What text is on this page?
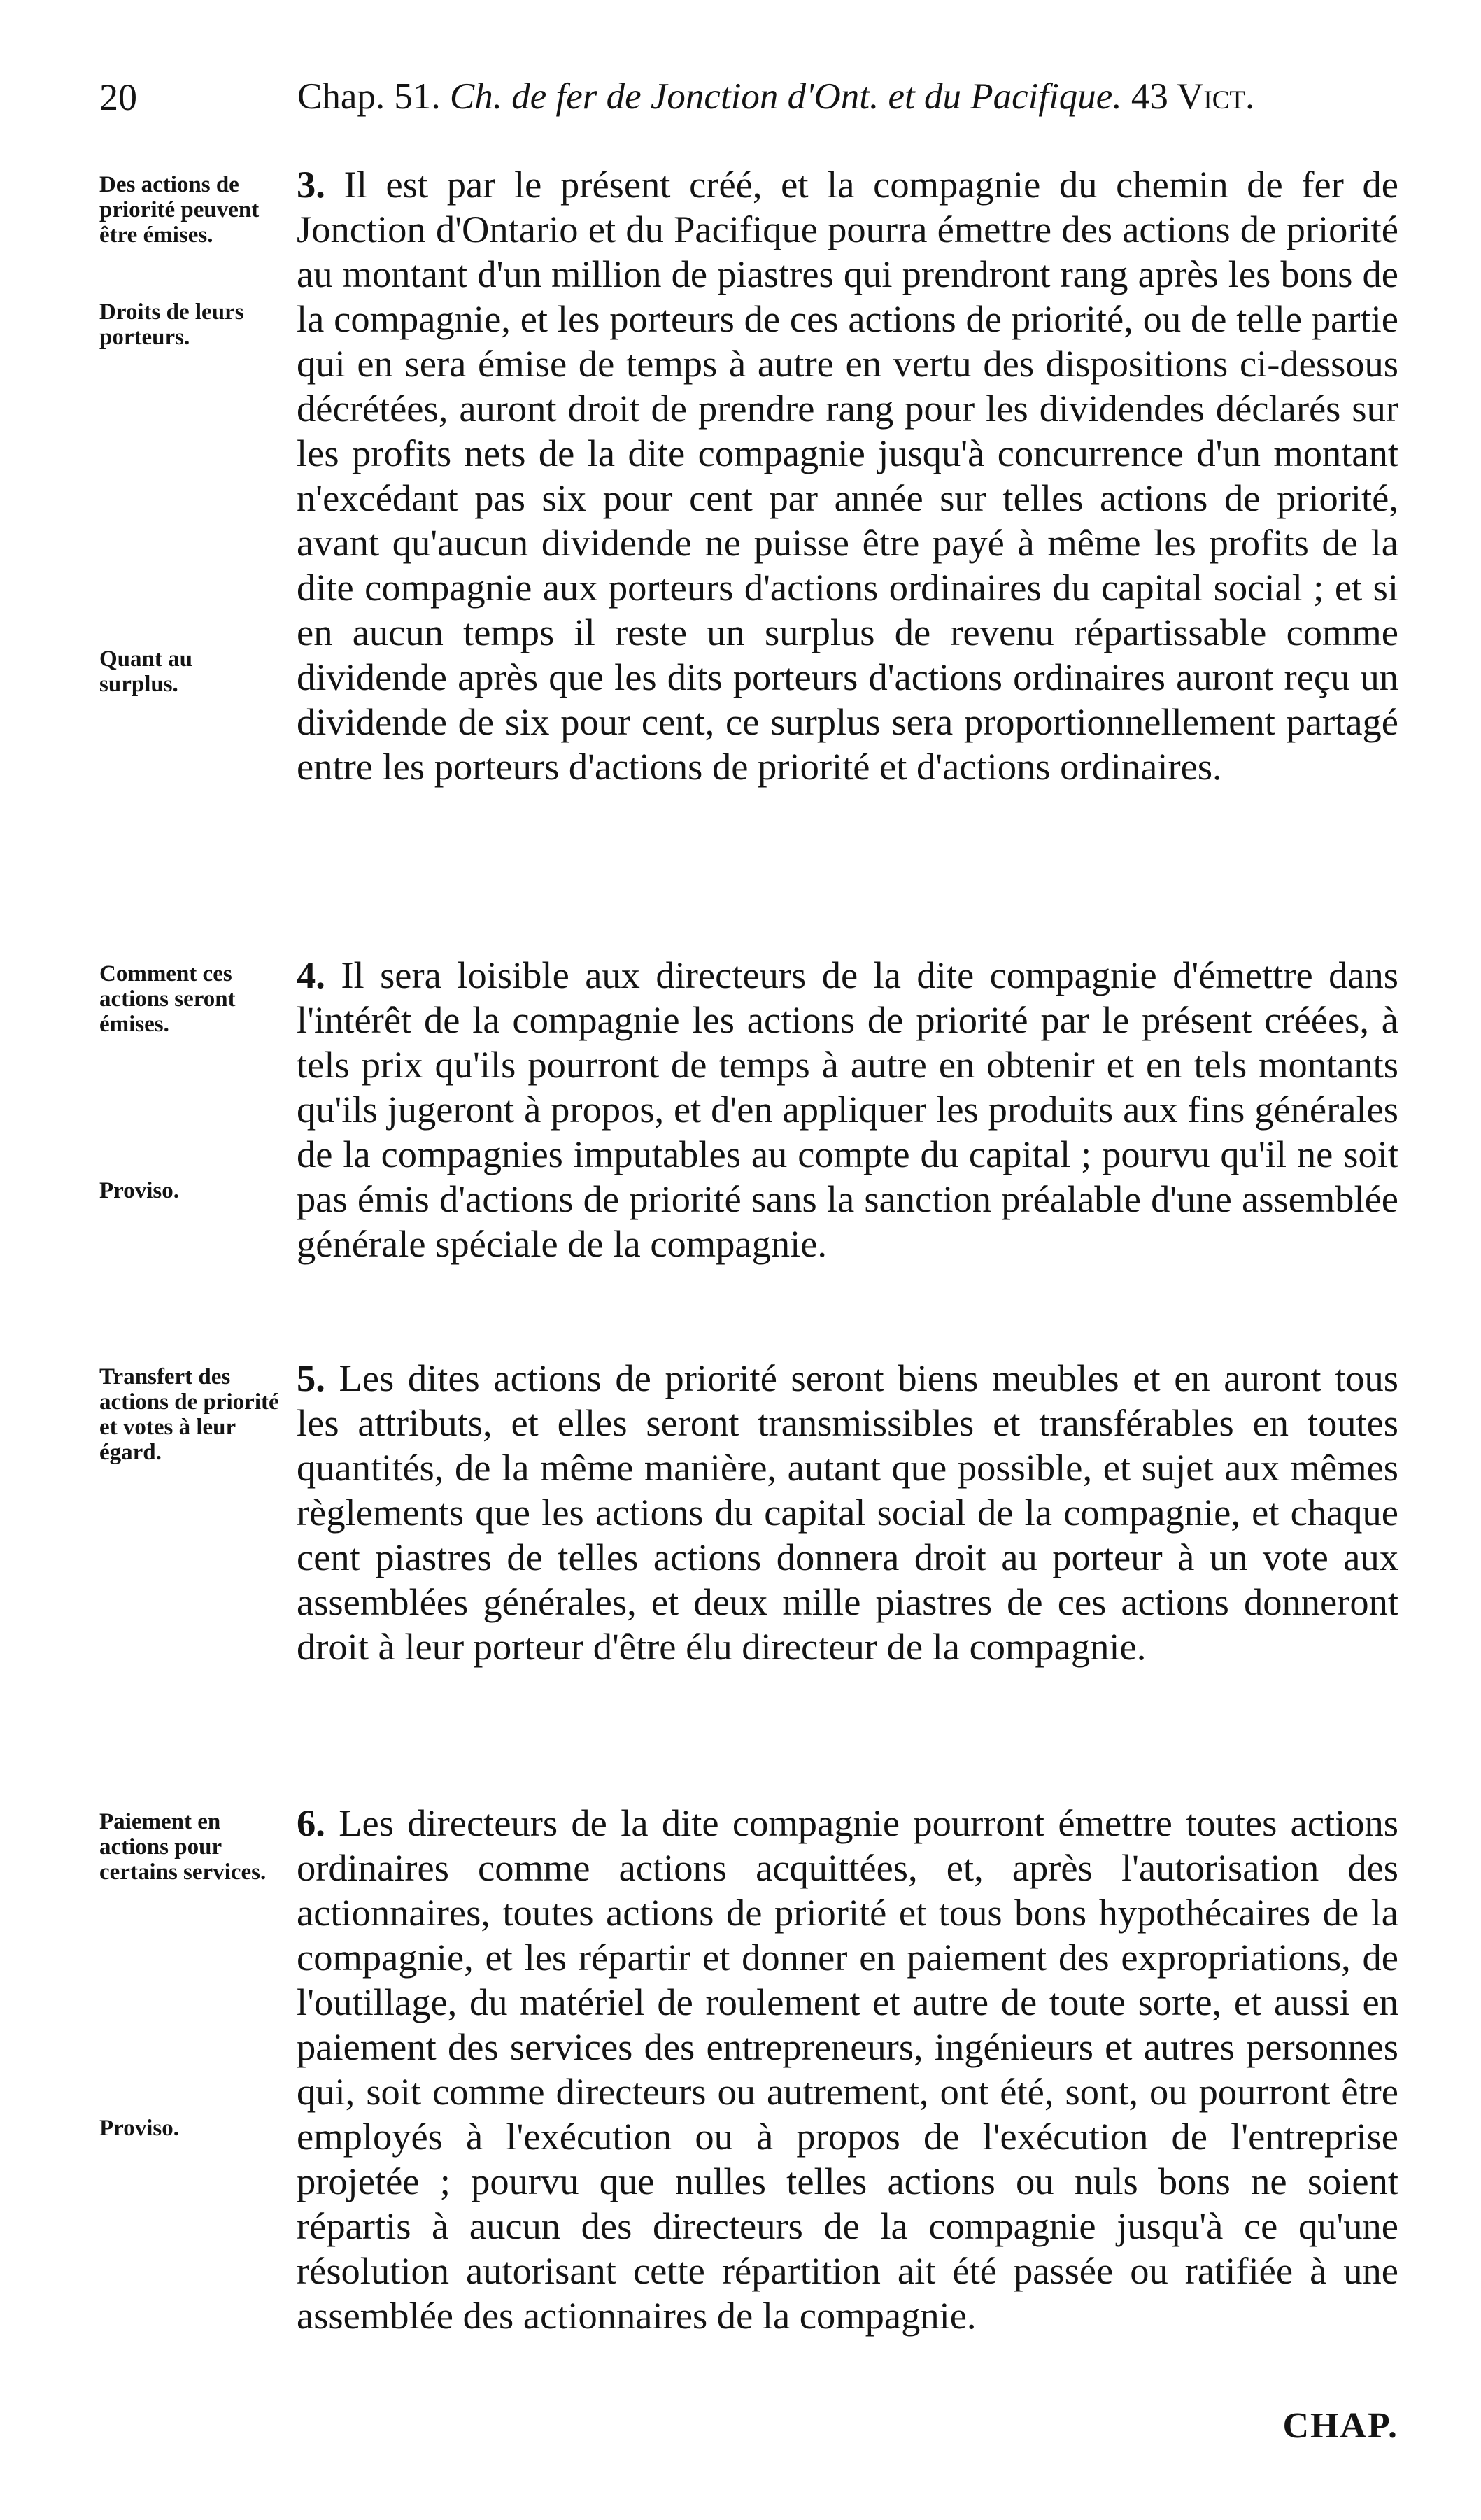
20	Chap. 51. Ch. de fer de Jonction d'Ont. et du Pacifique. 43 Vict.
Des actions de priorité peuvent être émises.
Droits de leurs porteurs.
Quant au surplus.
3. Il est par le présent créé, et la compagnie du chemin de fer de Jonction d'Ontario et du Pacifique pourra émettre des actions de priorité au montant d'un million de piastres qui prendront rang après les bons de la compagnie, et les porteurs de ces actions de priorité, ou de telle partie qui en sera émise de temps à autre en vertu des dispositions ci-dessous décrétées, auront droit de prendre rang pour les dividendes déclarés sur les profits nets de la dite compagnie jusqu'à concurrence d'un montant n'excédant pas six pour cent par année sur telles actions de priorité, avant qu'aucun dividende ne puisse être payé à même les profits de la dite compagnie aux porteurs d'actions ordinaires du capital social ; et si en aucun temps il reste un surplus de revenu répartissable comme dividende après que les dits porteurs d'actions ordinaires auront reçu un dividende de six pour cent, ce surplus sera proportionnellement partagé entre les porteurs d'actions de priorité et d'actions ordinaires.
Comment ces actions seront émises.
Proviso.
4. Il sera loisible aux directeurs de la dite compagnie d'émettre dans l'intérêt de la compagnie les actions de priorité par le présent créées, à tels prix qu'ils pourront de temps à autre en obtenir et en tels montants qu'ils jugeront à propos, et d'en appliquer les produits aux fins générales de la compagnies imputables au compte du capital ; pourvu qu'il ne soit pas émis d'actions de priorité sans la sanction préalable d'une assemblée générale spéciale de la compagnie.
Transfert des actions de priorité et votes à leur égard.
5. Les dites actions de priorité seront biens meubles et en auront tous les attributs, et elles seront transmissibles et transférables en toutes quantités, de la même manière, autant que possible, et sujet aux mêmes règlements que les actions du capital social de la compagnie, et chaque cent piastres de telles actions donnera droit au porteur à un vote aux assemblées générales, et deux mille piastres de ces actions donneront droit à leur porteur d'être élu directeur de la compagnie.
Paiement en actions pour certains services.
Proviso.
6. Les directeurs de la dite compagnie pourront émettre toutes actions ordinaires comme actions acquittées, et, après l'autorisation des actionnaires, toutes actions de priorité et tous bons hypothécaires de la compagnie, et les répartir et donner en paiement des expropriations, de l'outillage, du matériel de roulement et autre de toute sorte, et aussi en paiement des services des entrepreneurs, ingénieurs et autres personnes qui, soit comme directeurs ou autrement, ont été, sont, ou pourront être employés à l'exécution ou à propos de l'exécution de l'entreprise projetée ; pourvu que nulles telles actions ou nuls bons ne soient répartis à aucun des directeurs de la compagnie jusqu'à ce qu'une résolution autorisant cette répartition ait été passée ou ratifiée à une assemblée des actionnaires de la compagnie.
CHAP.
